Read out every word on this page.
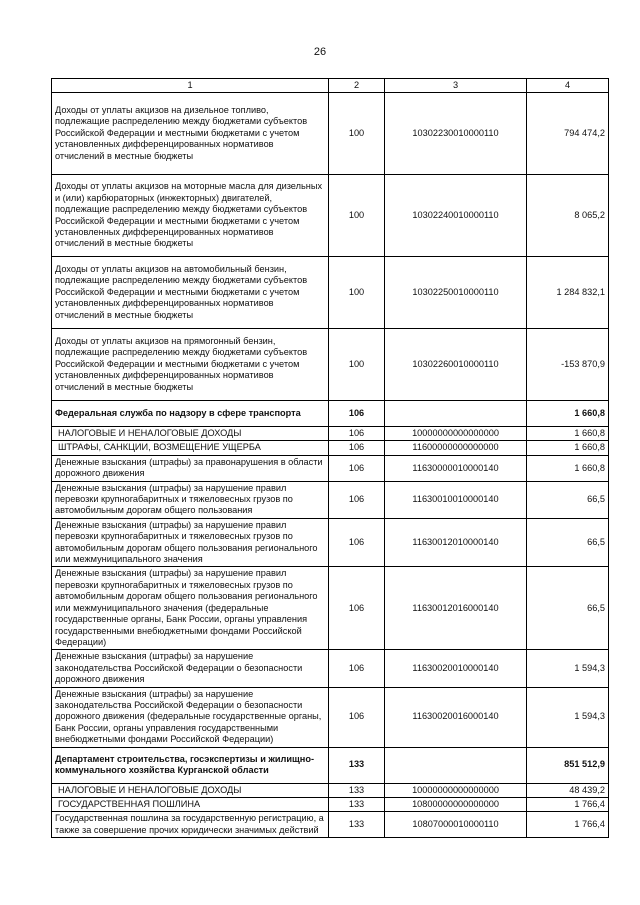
26
1	2	3	4
Доходы от уплаты акцизов на дизельное топливо, подлежащие распределению между бюджетами субъектов Российской Федерации и местными бюджетами с учетом установленных дифференцированных нормативов отчислений в местные бюджеты	100	10302230010000110	794 474,2
Доходы от уплаты акцизов на моторные масла для дизельных и (или) карбюраторных (инжекторных) двигателей, подлежащие распределению между бюджетами субъектов Российской Федерации и местными бюджетами с учетом установленных дифференцированных нормативов отчислений в местные бюджеты	100	10302240010000110	8 065,2
Доходы от уплаты акцизов на автомобильный бензин, подлежащие распределению между бюджетами субъектов Российской Федерации и местными бюджетами с учетом установленных дифференцированных нормативов отчислений в местные бюджеты	100	10302250010000110	1 284 832,1
Доходы от уплаты акцизов на прямогонный бензин, подлежащие распределению между бюджетами субъектов Российской Федерации и местными бюджетами с учетом установленных дифференцированных нормативов отчислений в местные бюджеты	100	10302260010000110	-153 870,9
Федеральная служба по надзору в сфере транспорта	106		1 660,8
НАЛОГОВЫЕ И НЕНАЛОГОВЫЕ ДОХОДЫ	106	10000000000000000	1 660,8
ШТРАФЫ, САНКЦИИ, ВОЗМЕЩЕНИЕ УЩЕРБА	106	11600000000000000	1 660,8
Денежные взыскания (штрафы) за правонарушения в области дорожного движения	106	11630000010000140	1 660,8
Денежные взыскания (штрафы) за нарушение правил перевозки крупногабаритных и тяжеловесных грузов по автомобильным дорогам общего пользования	106	11630010010000140	66,5
Денежные взыскания (штрафы) за нарушение правил перевозки крупногабаритных и тяжеловесных грузов по автомобильным дорогам общего пользования регионального или межмуниципального значения	106	11630012010000140	66,5
Денежные взыскания (штрафы) за нарушение правил перевозки крупногабаритных и тяжеловесных грузов по автомобильным дорогам общего пользования регионального или межмуниципального значения (федеральные государственные органы, Банк России, органы управления государственными внебюджетными фондами Российской Федерации)	106	11630012016000140	66,5
Денежные взыскания (штрафы) за нарушение законодательства Российской Федерации о безопасности дорожного движения	106	11630020010000140	1 594,3
Денежные взыскания (штрафы) за нарушение законодательства Российской Федерации о безопасности дорожного движения (федеральные государственные органы, Банк России, органы управления государственными внебюджетными фондами Российской Федерации)	106	11630020016000140	1 594,3
Департамент строительства, госэкспертизы и жилищно-коммунального хозяйства Курганской области	133		851 512,9
НАЛОГОВЫЕ И НЕНАЛОГОВЫЕ ДОХОДЫ	133	10000000000000000	48 439,2
ГОСУДАРСТВЕННАЯ ПОШЛИНА	133	10800000000000000	1 766,4
Государственная пошлина за государственную регистрацию, а также за совершение прочих юридически значимых действий	133	10807000010000110	1 766,4
